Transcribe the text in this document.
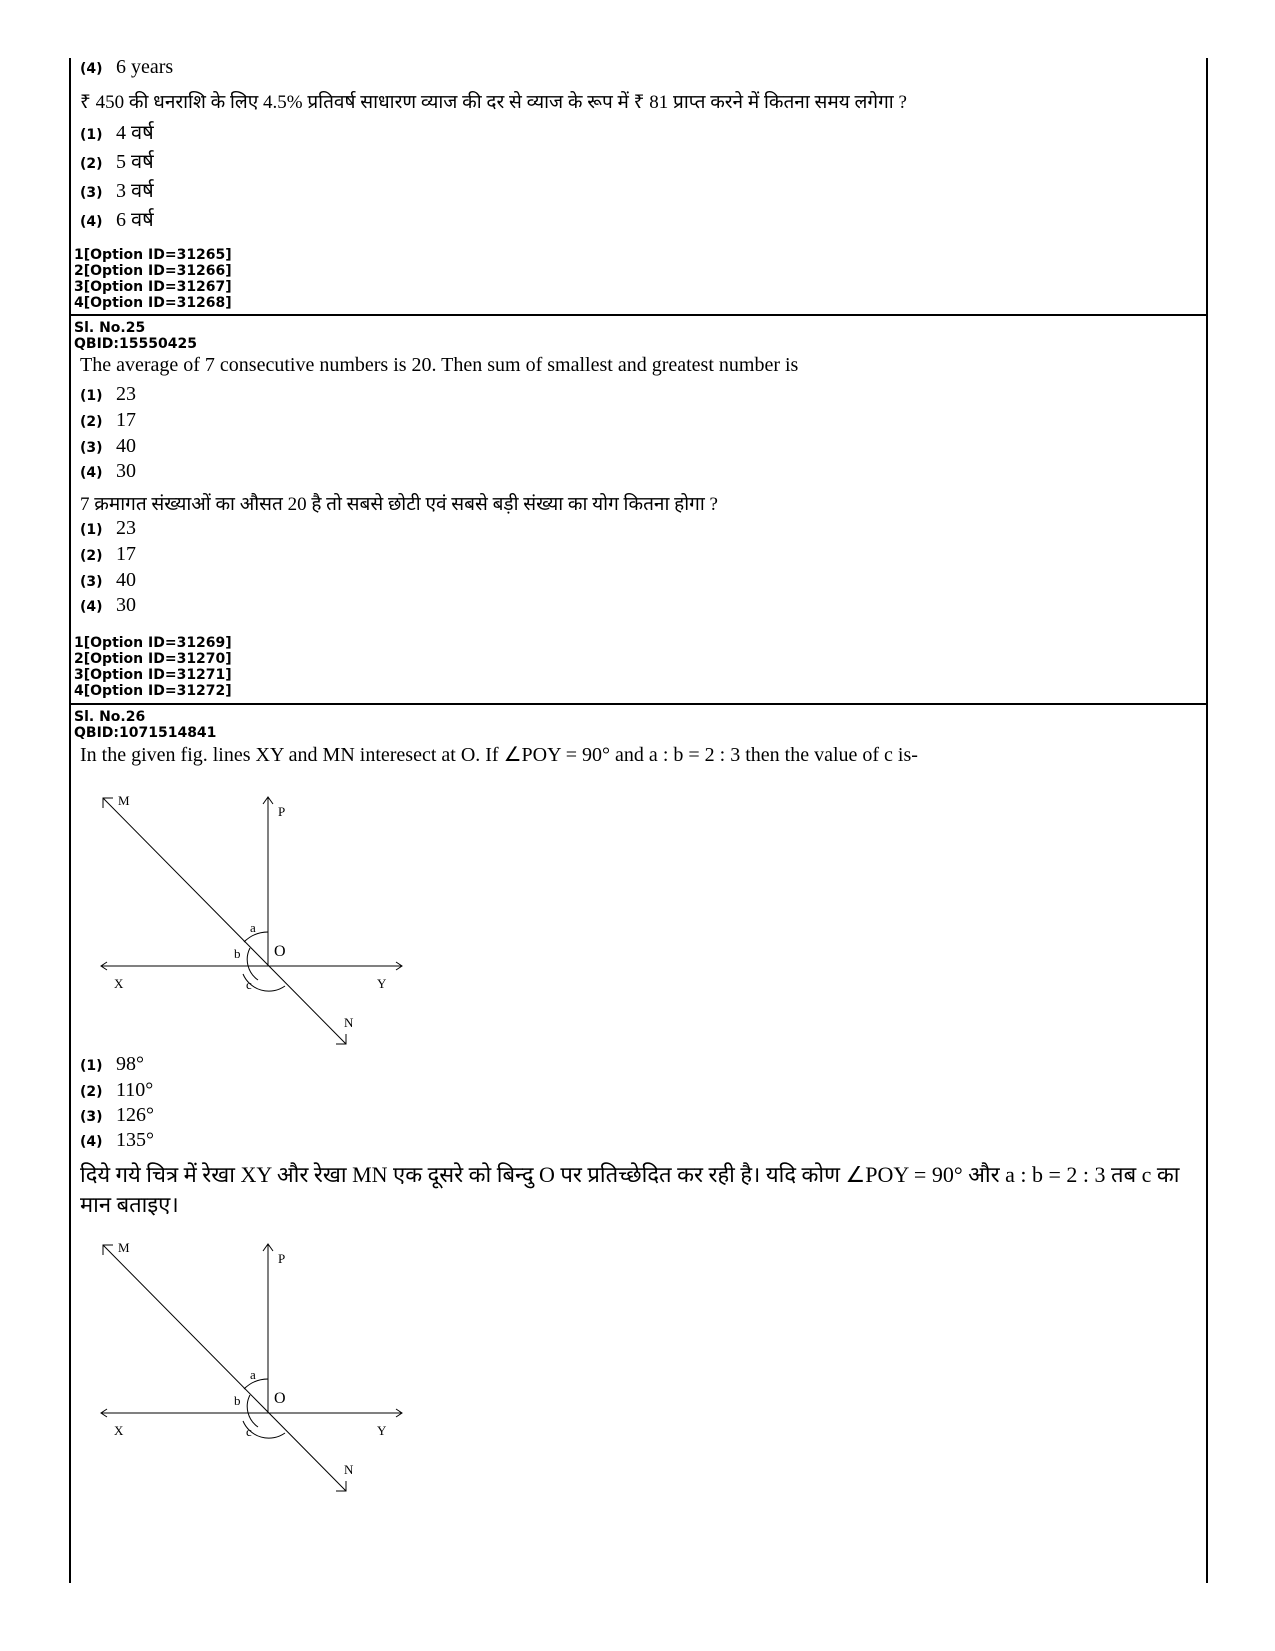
(4) 6 years
₹ 450 की धनराशि के लिए 4.5% प्रतिवर्ष साधारण व्याज की दर से व्याज के रूप में ₹ 81 प्राप्त करने में कितना समय लगेगा ?
(1) 4 वर्ष
(2) 5 वर्ष
(3) 3 वर्ष
(4) 6 वर्ष
1[Option ID=31265]
2[Option ID=31266]
3[Option ID=31267]
4[Option ID=31268]
Sl. No.25
QBID:15550425
The average of 7 consecutive numbers is 20. Then sum of smallest and greatest number is
(1) 23
(2) 17
(3) 40
(4) 30
7 क्रमागत संख्याओं का औसत 20 है तो सबसे छोटी एवं सबसे बड़ी संख्या का योग कितना होगा ?
(1) 23
(2) 17
(3) 40
(4) 30
1[Option ID=31269]
2[Option ID=31270]
3[Option ID=31271]
4[Option ID=31272]
Sl. No.26
QBID:1071514841
In the given fig. lines XY and MN interesect at O. If ∠POY = 90° and a : b = 2 : 3 then the value of c is-
M
P
a
b O
X	Y
c
N
(1) 98°
(2) 110°
(3) 126°
(4) 135°
दिये गये चित्र में रेखा XY और रेखा MN एक दूसरे को बिन्दु O पर प्रतिच्छेदित कर रही है। यदि कोण ∠POY = 90° और a : b = 2 : 3 तब c का मान बताइए।
M
P
a
b O
X	Y
c
N
